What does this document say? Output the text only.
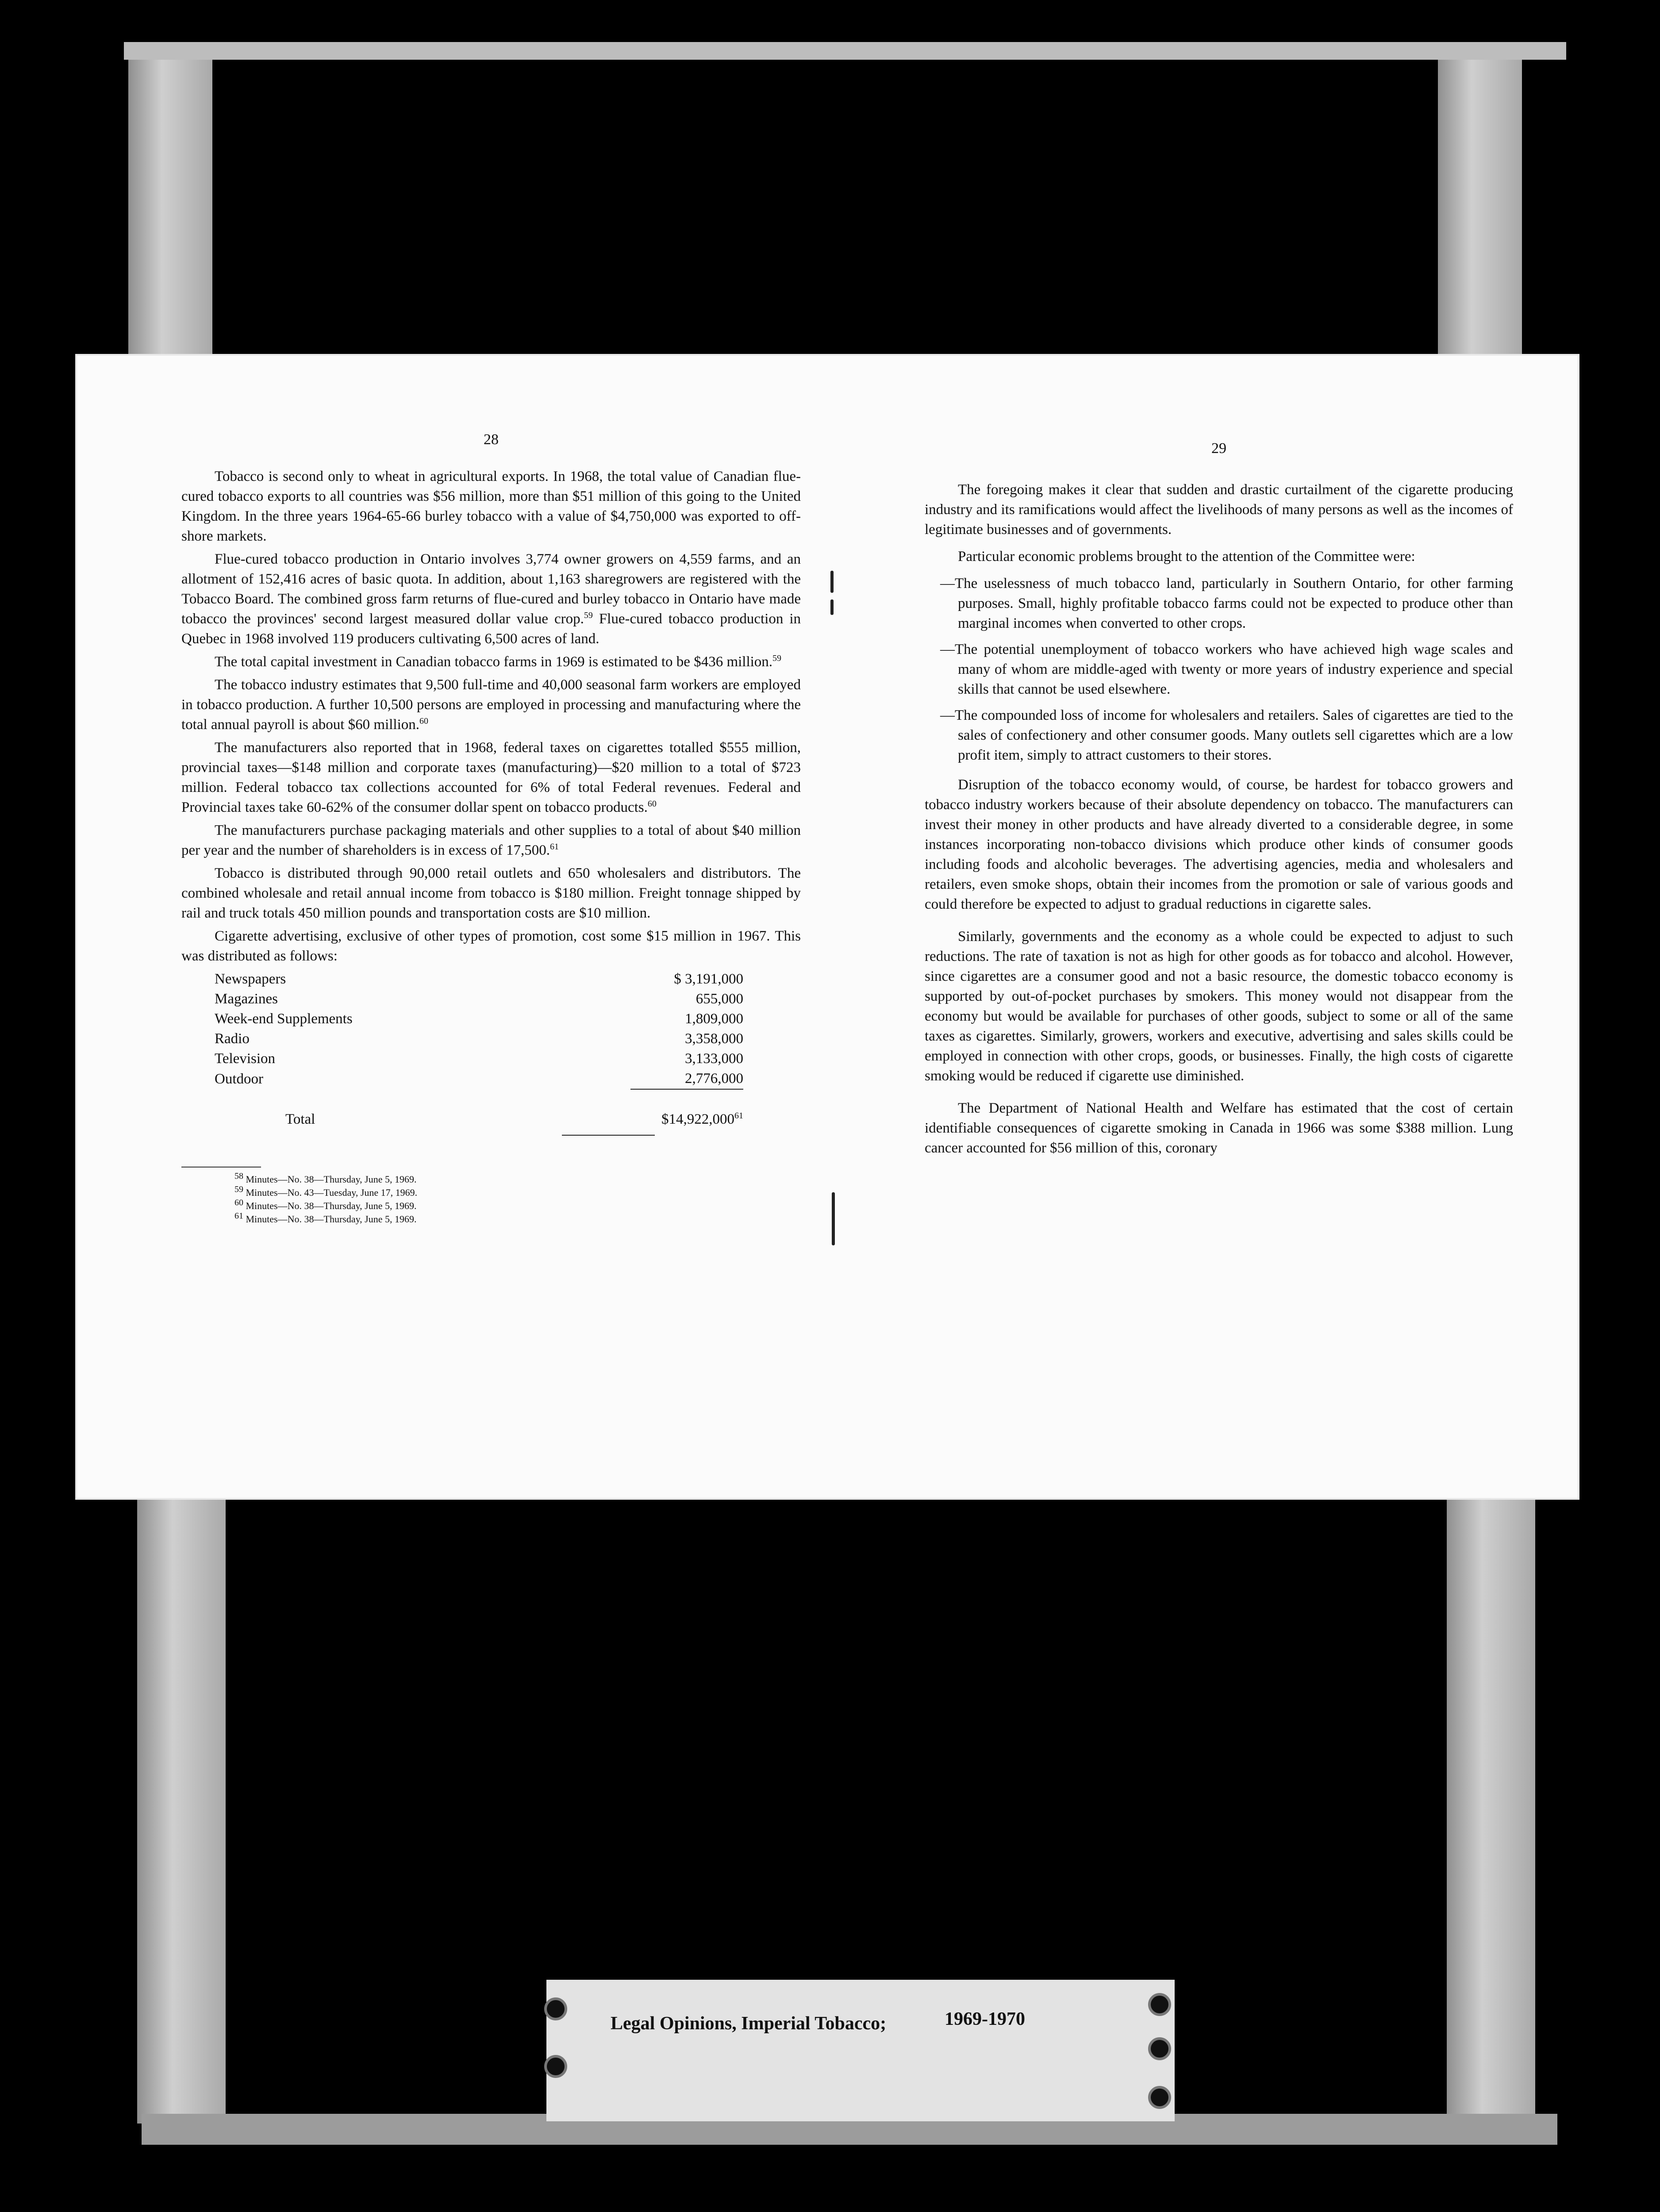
28

Tobacco is second only to wheat in agricultural exports. In 1968, the total value of Canadian flue-cured tobacco exports to all countries was $56 million, more than $51 million of this going to the United Kingdom. In the three years 1964-65-66 burley tobacco with a value of $4,750,000 was exported to off-shore markets.

Flue-cured tobacco production in Ontario involves 3,774 owner growers on 4,559 farms, and an allotment of 152,416 acres of basic quota. In addition, about 1,163 sharegrowers are registered with the Tobacco Board. The combined gross farm returns of flue-cured and burley tobacco in Ontario have made tobacco the provinces' second largest measured dollar value crop.$^{59}$ Flue-cured tobacco production in Quebec in 1968 involved 119 producers cultivating 6,500 acres of land.

The total capital investment in Canadian tobacco farms in 1969 is estimated to be $436 million.$^{59}$

The tobacco industry estimates that 9,500 full-time and 40,000 seasonal farm workers are employed in tobacco production. A further 10,500 persons are employed in processing and manufacturing where the total annual payroll is about $60 million.$^{60}$

The manufacturers also reported that in 1968, federal taxes on cigarettes totalled $555 million, provincial taxes—$148 million and corporate taxes (manufacturing)—$20 million to a total of $723 million. Federal tobacco tax collections accounted for 6% of total Federal revenues. Federal and Provincial taxes take 60-62% of the consumer dollar spent on tobacco products.$^{60}$

The manufacturers purchase packaging materials and other supplies to a total of about $40 million per year and the number of shareholders is in excess of 17,500.61

Tobacco is distributed through 90,000 retail outlets and 650 wholesalers and distributors. The combined wholesale and retail annual income from tobacco is $180 million. Freight tonnage shipped by rail and truck totals 450 million pounds and transportation costs are $10 million.

Cigarette advertising, exclusive of other types of promotion, cost some $15 million in 1967. This was distributed as follows:

Newspapers	$ 3,191,000
Magazines	655,000
Week-end Supplements	1,809,000
Radio	3,358,000
Television	3,133,000
Outdoor	2,776,000
Total	$14,922,000$^{61}$
$^{58}$ Minutes—No. 38—Thursday, June 5, 1969.
$^{59}$ Minutes—No. 43—Tuesday, June 17, 1969.
$^{60}$ Minutes—No. 38—Thursday, June 5, 1969.
$^{61}$ Minutes—No. 38—Thursday, June 5, 1969.
29

The foregoing makes it clear that sudden and drastic curtailment of the cigarette producing industry and its ramifications would affect the livelihoods of many persons as well as the incomes of legitimate businesses and of governments.

Particular economic problems brought to the attention of the Committee were:

—The uselessness of much tobacco land, particularly in Southern Ontario, for other farming purposes. Small, highly profitable tobacco farms could not be expected to produce other than marginal incomes when converted to other crops.
—The potential unemployment of tobacco workers who have achieved high wage scales and many of whom are middle-aged with twenty or more years of industry experience and special skills that cannot be used elsewhere.
—The compounded loss of income for wholesalers and retailers. Sales of cigarettes are tied to the sales of confectionery and other consumer goods. Many outlets sell cigarettes which are a low profit item, simply to attract customers to their stores.

Disruption of the tobacco economy would, of course, be hardest for tobacco growers and tobacco industry workers because of their absolute dependency on tobacco. The manufacturers can invest their money in other products and have already diverted to a considerable degree, in some instances incorporating non-tobacco divisions which produce other kinds of consumer goods including foods and alcoholic beverages. The advertising agencies, media and wholesalers and retailers, even smoke shops, obtain their incomes from the promotion or sale of various goods and could therefore be expected to adjust to gradual reductions in cigarette sales.

Similarly, governments and the economy as a whole could be expected to adjust to such reductions. The rate of taxation is not as high for other goods as for tobacco and alcohol. However, since cigarettes are a consumer good and not a basic resource, the domestic tobacco economy is supported by out-of-pocket purchases by smokers. This money would not disappear from the economy but would be available for purchases of other goods, subject to some or all of the same taxes as cigarettes. Similarly, growers, workers and executive, advertising and sales skills could be employed in connection with other crops, goods, or businesses. Finally, the high costs of cigarette smoking would be reduced if cigarette use diminished.

The Department of National Health and Welfare has estimated that the cost of certain identifiable consequences of cigarette smoking in Canada in 1966 was some $388 million. Lung cancer accounted for $56 million of this, coronary

Legal Opinions, Imperial Tobacco;	1969-1970
